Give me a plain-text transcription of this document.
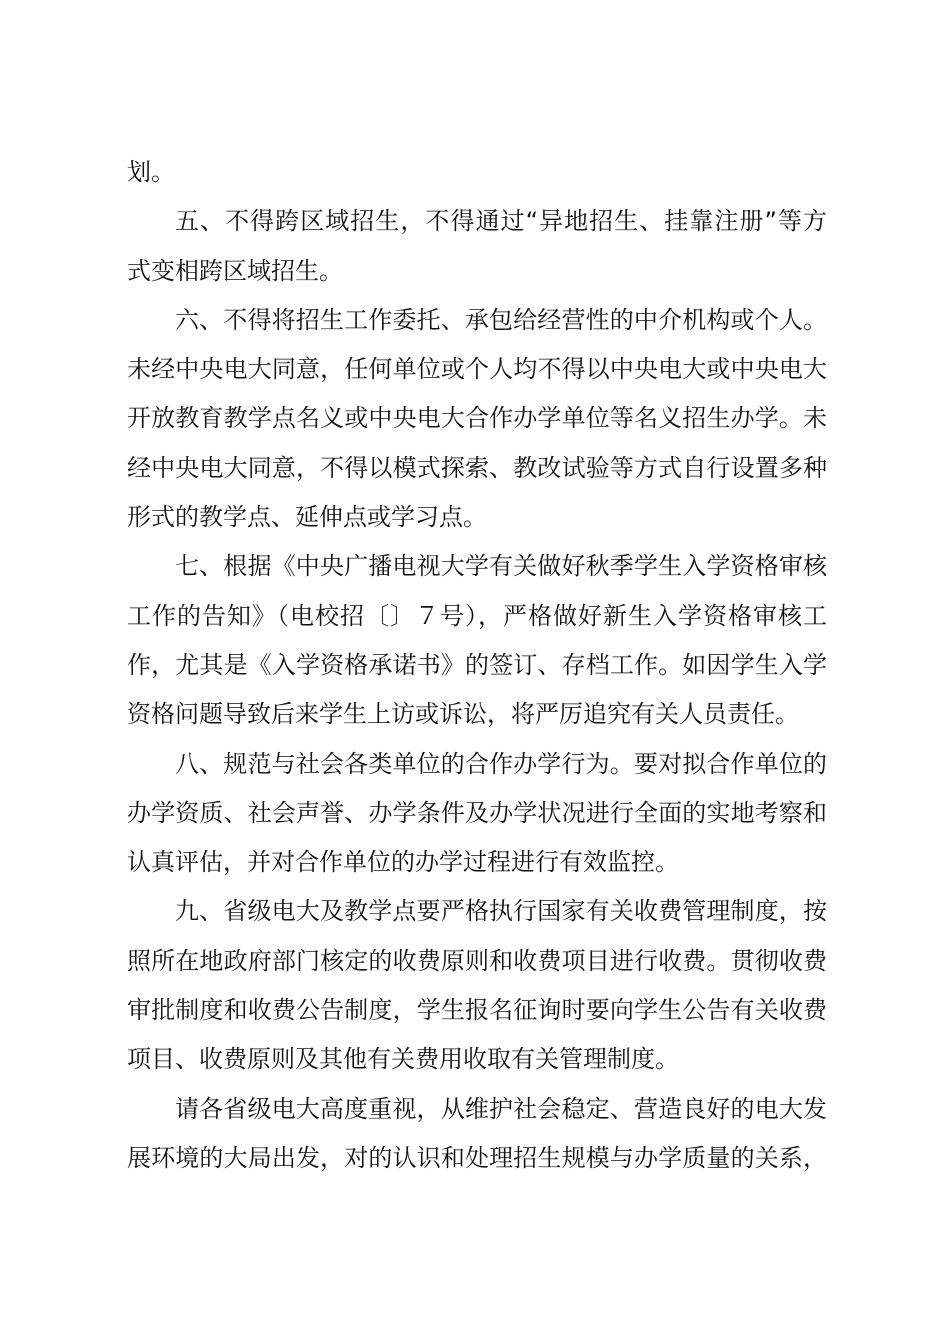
划。
五、不得跨区域招生，不得通过“异地招生、挂靠注册”等方
式变相跨区域招生。
六、不得将招生工作委托、承包给经营性的中介机构或个人。
未经中央电大同意，任何单位或个人均不得以中央电大或中央电大
开放教育教学点名义或中央电大合作办学单位等名义招生办学。未
经中央电大同意，不得以模式探索、教改试验等方式自行设置多种
形式的教学点、延伸点或学习点。
七、根据《中央广播电视大学有关做好秋季学生入学资格审核
工作的告知》（电校招〔〕７号），严格做好新生入学资格审核工
作，尤其是《入学资格承诺书》的签订、存档工作。如因学生入学
资格问题导致后来学生上访或诉讼，将严厉追究有关人员责任。
八、规范与社会各类单位的合作办学行为。要对拟合作单位的
办学资质、社会声誉、办学条件及办学状况进行全面的实地考察和
认真评估，并对合作单位的办学过程进行有效监控。
九、省级电大及教学点要严格执行国家有关收费管理制度，按
照所在地政府部门核定的收费原则和收费项目进行收费。贯彻收费
审批制度和收费公告制度，学生报名征询时要向学生公告有关收费
项目、收费原则及其他有关费用收取有关管理制度。
请各省级电大高度重视，从维护社会稳定、营造良好的电大发
展环境的大局出发，对的认识和处理招生规模与办学质量的关系，
